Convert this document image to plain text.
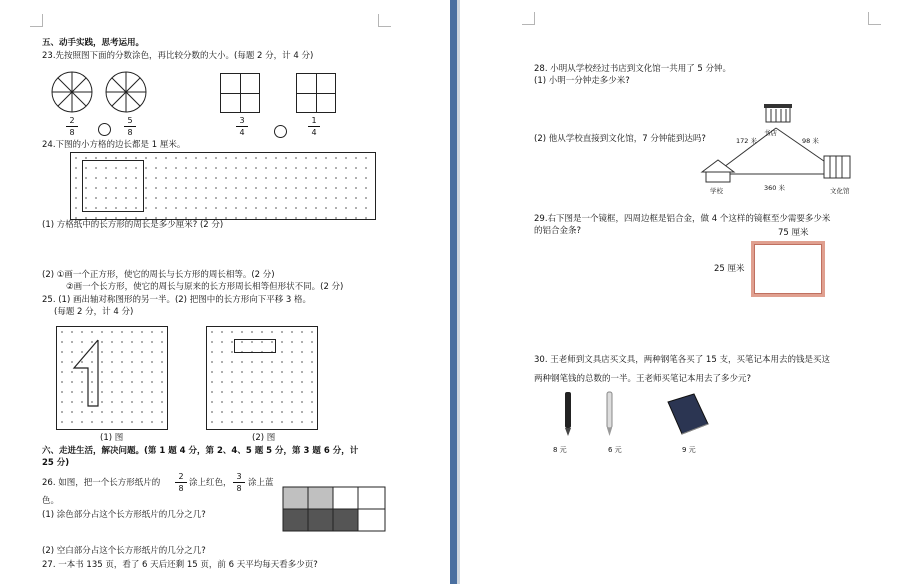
五、动手实践，思考运用。
23.先按照图下面的分数涂色，再比较分数的大小。(每题 2 分，计 4 分)
2
8
5
8
3
4
1
4
24.下图的小方格的边长都是 1 厘米。
(1) 方格纸中的长方形的周长是多少厘米? (2 分)
(2) ①画一个正方形，使它的周长与长方形的周长相等。(2 分)
②画一个长方形，使它的周长与原来的长方形周长相等但形状不同。(2 分)
25. (1) 画出轴对称图形的另一半。(2) 把图中的长方形向下平移 3 格。
(每题 2 分，计 4 分)
(1) 图	(2) 图
六、走进生活，解决问题。(第 1 题 4 分，第 2、4、5 题 5 分，第 3 题 6 分，计
25 分)
26. 如图，把一个长方形纸片的
2
8
涂上红色，
3
8
涂上蓝
色。
(1) 涂色部分占这个长方形纸片的几分之几?
(2) 空白部分占这个长方形纸片的几分之几?
27. 一本书 135 页，看了 6 天后还剩 15 页，前 6 天平均每天看多少页?
28. 小明从学校经过书店到文化馆一共用了 5 分钟。
(1) 小明一分钟走多少米?
(2) 他从学校直接到文化馆，7 分钟能到达吗?
书店
学校	文化馆
172 米	98 米
360 米
29.右下图是一个镜框，四周边框是铝合金，做 4 个这样的镜框至少需要多少米
的铝合金条?	75 厘米
25 厘米
30. 王老师到文具店买文具，两种钢笔各买了 15 支，买笔记本用去的钱是买这
两种钢笔钱的总数的一半。王老师买笔记本用去了多少元?
8 元	6 元	9 元
